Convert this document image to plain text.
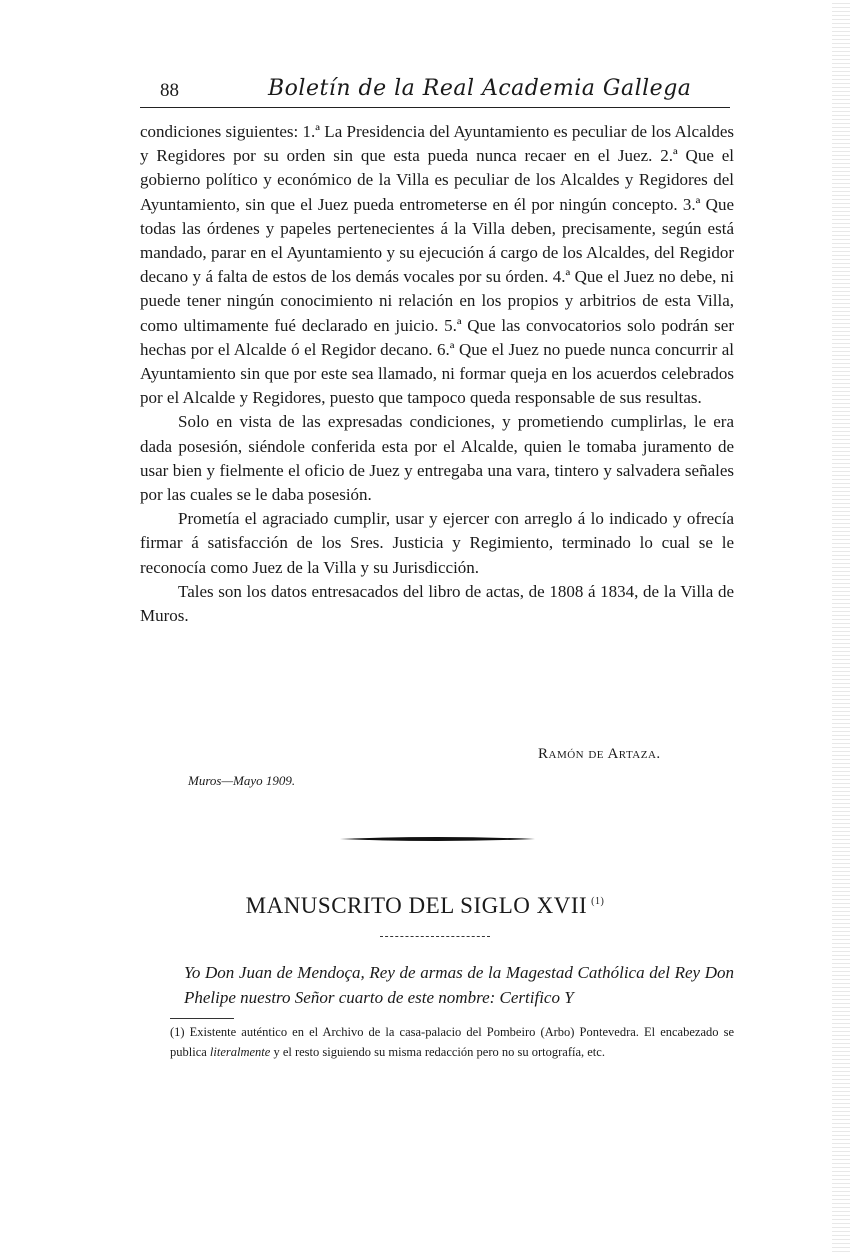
88	Boletín de la Real Academia Gallega

condiciones siguientes: 1.ª La Presidencia del Ayuntamiento es peculiar de los Alcaldes y Regidores por su orden sin que esta pueda nunca recaer en el Juez. 2.ª Que el gobierno político y económico de la Villa es peculiar de los Alcaldes y Regidores del Ayuntamiento, sin que el Juez pueda entrometerse en él por ningún concepto. 3.ª Que todas las órdenes y papeles pertenecientes á la Villa deben, precisamente, según está mandado, parar en el Ayuntamiento y su ejecución á cargo de los Alcaldes, del Regidor decano y á falta de estos de los demás vocales por su órden. 4.ª Que el Juez no debe, ni puede tener ningún conocimiento ni relación en los propios y arbitrios de esta Villa, como ultimamente fué declarado en juicio. 5.ª Que las convocatorios solo podrán ser hechas por el Alcalde ó el Regidor decano. 6.ª Que el Juez no puede nunca concurrir al Ayuntamiento sin que por este sea llamado, ni formar queja en los acuerdos celebrados por el Alcalde y Regidores, puesto que tampoco queda responsable de sus resultas.

Solo en vista de las expresadas condiciones, y prometiendo cumplirlas, le era dada posesión, siéndole conferida esta por el Alcalde, quien le tomaba juramento de usar bien y fielmente el oficio de Juez y entregaba una vara, tintero y salvadera señales por las cuales se le daba posesión.

Prometía el agraciado cumplir, usar y ejercer con arreglo á lo indicado y ofrecía firmar á satisfacción de los Sres. Justicia y Regimiento, terminado lo cual se le reconocía como Juez de la Villa y su Jurisdicción.

Tales son los datos entresacados del libro de actas, de 1808 á 1834, de la Villa de Muros.

Ramón de Artaza.
Muros—Mayo 1909.
MANUSCRITO DEL SIGLO XVII $^{(1)}$
Yo Don Juan de Mendoça, Rey de armas de la Magestad Cathólica del Rey Don Phelipe nuestro Señor cuarto de este nombre: Certifico Y
(1) Existente auténtico en el Archivo de la casa-palacio del Pombeiro (Arbo) Pontevedra. El encabezado se publica literalmente y el resto siguiendo su misma redacción pero no su ortografía, etc.
